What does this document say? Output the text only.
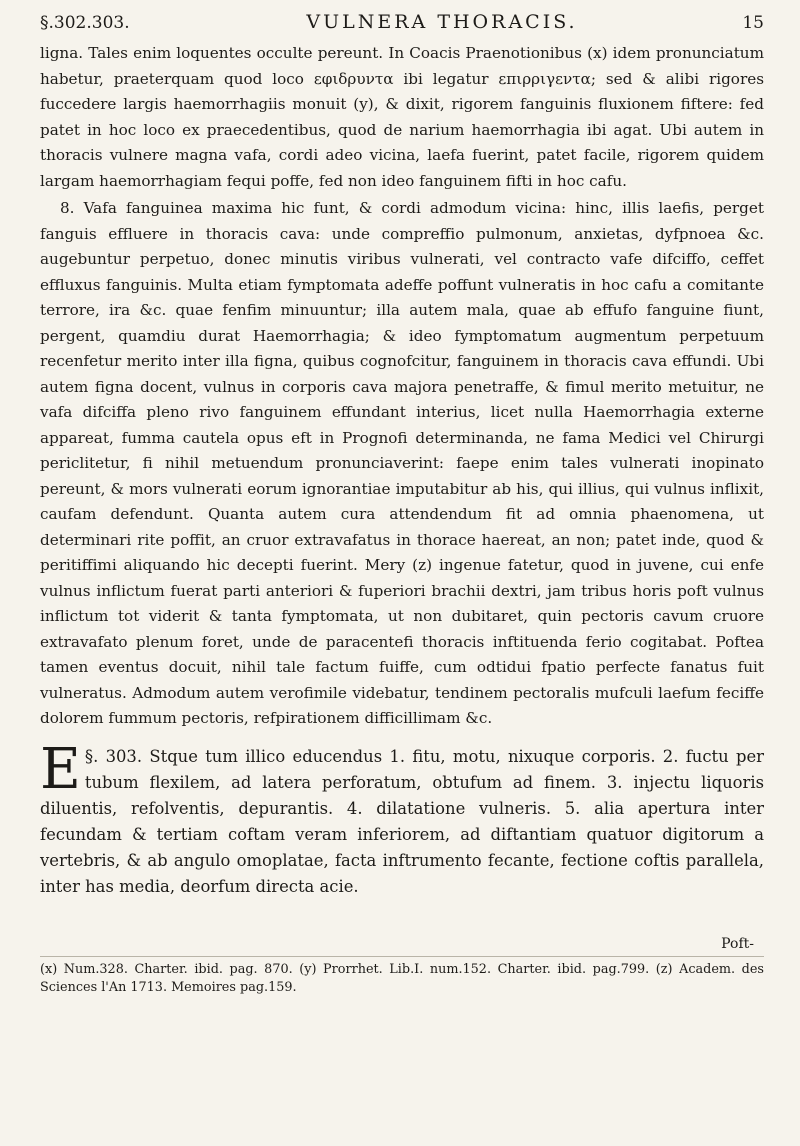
§.302.303.	VULNERA THORACIS.	15

ligna. Tales enim loquentes occulte pereunt. In Coacis Praenotionibus (x) idem pronunciatum habetur, praeterquam quod loco εφιδρυντα ibi legatur επιρριγεντα; sed & alibi rigores fuccedere largis haemorrhagiis monuit (y), & dixit, rigorem fanguinis fluxionem fiftere: fed patet in hoc loco ex praecedentibus, quod de narium haemorrhagia ibi agat. Ubi autem in thoracis vulnere magna vafa, cordi adeo vicina, laefa fuerint, patet facile, rigorem quidem largam haemorrhagiam fequi poffe, fed non ideo fanguinem fifti in hoc cafu.

8. Vafa fanguinea maxima hic funt, & cordi admodum vicina: hinc, illis laefis, perget fanguis effluere in thoracis cava: unde compreffio pulmonum, anxietas, dyfpnoea &c. augebuntur perpetuo, donec minutis viribus vulnerati, vel contracto vafe difciffo, ceffet effluxus fanguinis. Multa etiam fymptomata adeffe poffunt vulneratis in hoc cafu a comitante terrore, ira &c. quae fenfim minuuntur; illa autem mala, quae ab effufo fanguine fiunt, pergent, quamdiu durat Haemorrhagia; & ideo fymptomatum augmentum perpetuum recenfetur merito inter illa figna, quibus cognofcitur, fanguinem in thoracis cava effundi. Ubi autem figna docent, vulnus in corporis cava majora penetraffe, & fimul merito metuitur, ne vafa difciffa pleno rivo fanguinem effundant interius, licet nulla Haemorrhagia externe appareat, fumma cautela opus eft in Prognofi determinanda, ne fama Medici vel Chirurgi periclitetur, fi nihil metuendum pronunciaverint: faepe enim tales vulnerati inopinato pereunt, & mors vulnerati eorum ignorantiae imputabitur ab his, qui illius, qui vulnus inflixit, caufam defendunt. Quanta autem cura attendendum fit ad omnia phaenomena, ut determinari rite poffit, an cruor extravafatus in thorace haereat, an non; patet inde, quod & peritiffimi aliquando hic decepti fuerint. Mery (z) ingenue fatetur, quod in juvene, cui enfe vulnus inflictum fuerat parti anteriori & fuperiori brachii dextri, jam tribus horis poft vulnus inflictum tot viderit & tanta fymptomata, ut non dubitaret, quin pectoris cavum cruore extravafato plenum foret, unde de paracentefi thoracis inftituenda ferio cogitabat. Poftea tamen eventus docuit, nihil tale factum fuiffe, cum odtidui fpatio perfecte fanatus fuit vulneratus. Admodum autem verofimile videbatur, tendinem pectoralis mufculi laefum feciffe dolorem fummum pectoris, refpirationem difficillimam &c.

§. 303.
E	Stque tum illico educendus 1. fitu, motu, nixuque corporis. 2. fuctu per tubum flexilem, ad latera perforatum, obtufum ad finem. 3. injectu liquoris diluentis, refolventis, depurantis. 4. dilatatione vulneris. 5. alia apertura inter fecundam & tertiam coftam veram inferiorem, ad diftantiam quatuor digitorum a vertebris, & ab angulo omoplatae, facta inftrumento fecante, fectione coftis parallela, inter has media, deorfum directa acie.
Poft-
(x) Num.328. Charter. ibid. pag. 870. (y) Prorrhet. Lib.I. num.152. Charter. ibid. pag.799. (z) Academ. des Sciences l'An 1713. Memoires pag.159.
